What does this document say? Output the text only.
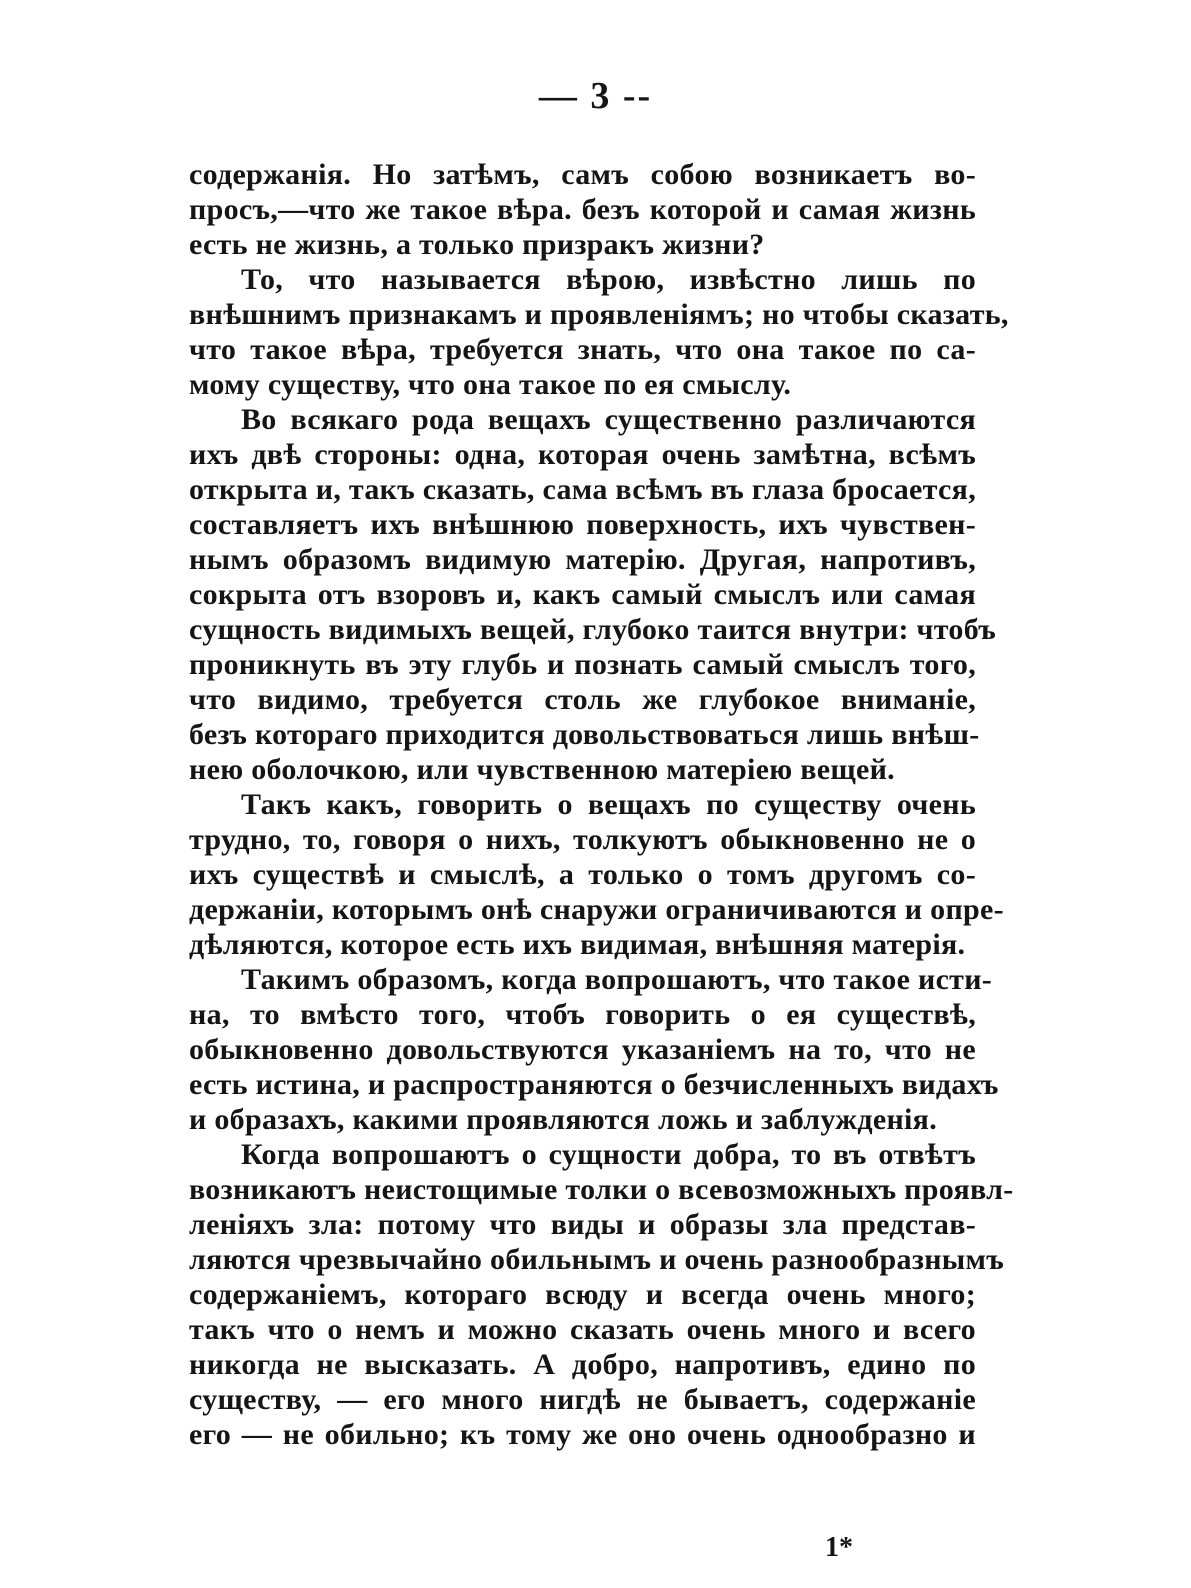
— 3 --
содержанія. Но затѣмъ, самъ собою возникаетъ во-
просъ,—что же такое вѣра. безъ которой и самая жизнь
есть не жизнь, а только призракъ жизни?
То, что называется вѣрою, извѣстно лишь по
внѣшнимъ признакамъ и проявленіямъ; но чтобы сказать,
что такое вѣра, требуется знать, что она такое по са-
мому существу, что она такое по ея смыслу.
Во всякаго рода вещахъ существенно различаются
ихъ двѣ стороны: одна, которая очень замѣтна, всѣмъ
открыта и, такъ сказать, сама всѣмъ въ глаза бросается,
составляетъ ихъ внѣшнюю поверхность, ихъ чувствен-
нымъ образомъ видимую матерію. Другая, напротивъ,
сокрыта отъ взоровъ и, какъ самый смыслъ или самая
сущность видимыхъ вещей, глубоко таится внутри: чтобъ
проникнуть въ эту глубь и познать самый смыслъ того,
что видимо, требуется столь же глубокое вниманіе,
безъ котораго приходится довольствоваться лишь внѣш-
нею оболочкою, или чувственною матеріею вещей.
Такъ какъ, говорить о вещахъ по существу очень
трудно, то, говоря о нихъ, толкуютъ обыкновенно не о
ихъ существѣ и смыслѣ, а только о томъ другомъ со-
держаніи, которымъ онѣ снаружи ограничиваются и опре-
дѣляются, которое есть ихъ видимая, внѣшняя матерія.
Такимъ образомъ, когда вопрошаютъ, что такое исти-
на, то вмѣсто того, чтобъ говорить о ея существѣ,
обыкновенно довольствуются указаніемъ на то, что не
есть истина, и распространяются о безчисленныхъ видахъ
и образахъ, какими проявляются ложь и заблужденія.
Когда вопрошаютъ о сущности добра, то въ отвѣтъ
возникаютъ неистощимые толки о всевозможныхъ проявл-
леніяхъ зла: потому что виды и образы зла представ-
ляются чрезвычайно обильнымъ и очень разнообразнымъ
содержаніемъ, котораго всюду и всегда очень много;
такъ что о немъ и можно сказать очень много и всего
никогда не высказать. А добро, напротивъ, едино по
существу, — его много нигдѣ не бываетъ, содержаніе
его — не обильно; къ тому же оно очень однообразно и
1*
